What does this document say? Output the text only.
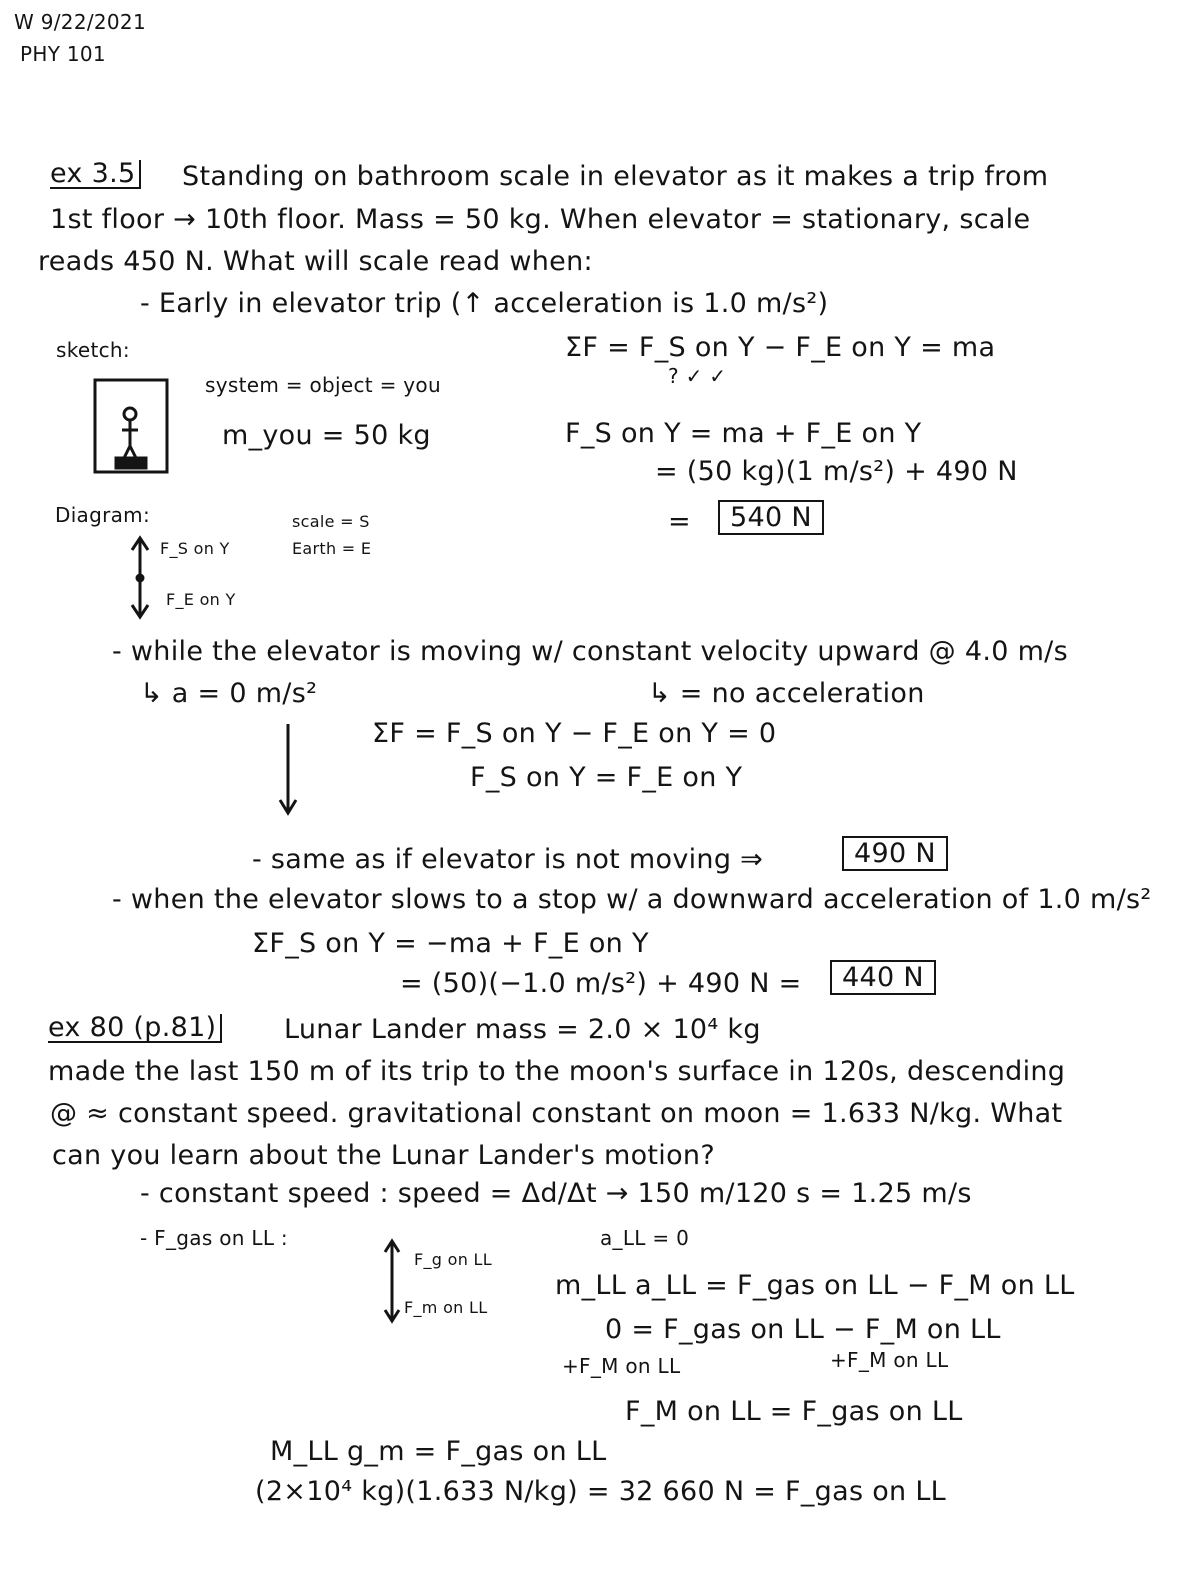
W 9/22/2021
PHY 101
ex 3.5 Standing on bathroom scale in elevator as it makes a trip from
1st floor → 10th floor. Mass = 50 kg. When elevator = stationary, scale
reads 450 N. What will scale read when:
- Early in elevator trip (↑ acceleration is 1.0 m/s²)
sketch:	ΣF = F_S on Y − F_E on Y = ma
? ✓ ✓
system = object = you
m_you = 50 kg	F_S on Y = ma + F_E on Y
= (50 kg)(1 m/s²) + 490 N
=	540 N
Diagram:	scale = S
Earth = E
F_S on Y
F_E on Y
- while the elevator is moving w/ constant velocity upward @ 4.0 m/s
↳ a = 0 m/s²	↳ = no acceleration
ΣF = F_S on Y − F_E on Y = 0
F_S on Y = F_E on Y
- same as if elevator is not moving ⇒	490 N
- when the elevator slows to a stop w/ a downward acceleration of 1.0 m/s²
ΣF_S on Y = −ma + F_E on Y
= (50)(−1.0 m/s²) + 490 N =	440 N
ex 80 (p.81)	Lunar Lander mass = 2.0 × 10⁴ kg
made the last 150 m of its trip to the moon's surface in 120s, descending
@ ≈ constant speed. gravitational constant on moon = 1.633 N/kg. What
can you learn about the Lunar Lander's motion?
- constant speed : speed = Δd/Δt → 150 m/120 s = 1.25 m/s
- F_gas on LL :
F_g on LL
F_m on LL
a_LL = 0
m_LL a_LL = F_gas on LL − F_M on LL
0 = F_gas on LL − F_M on LL
+F_M on LL	+F_M on LL
F_M on LL = F_gas on LL
M_LL g_m = F_gas on LL
(2×10⁴ kg)(1.633 N/kg) = 32 660 N = F_gas on LL
